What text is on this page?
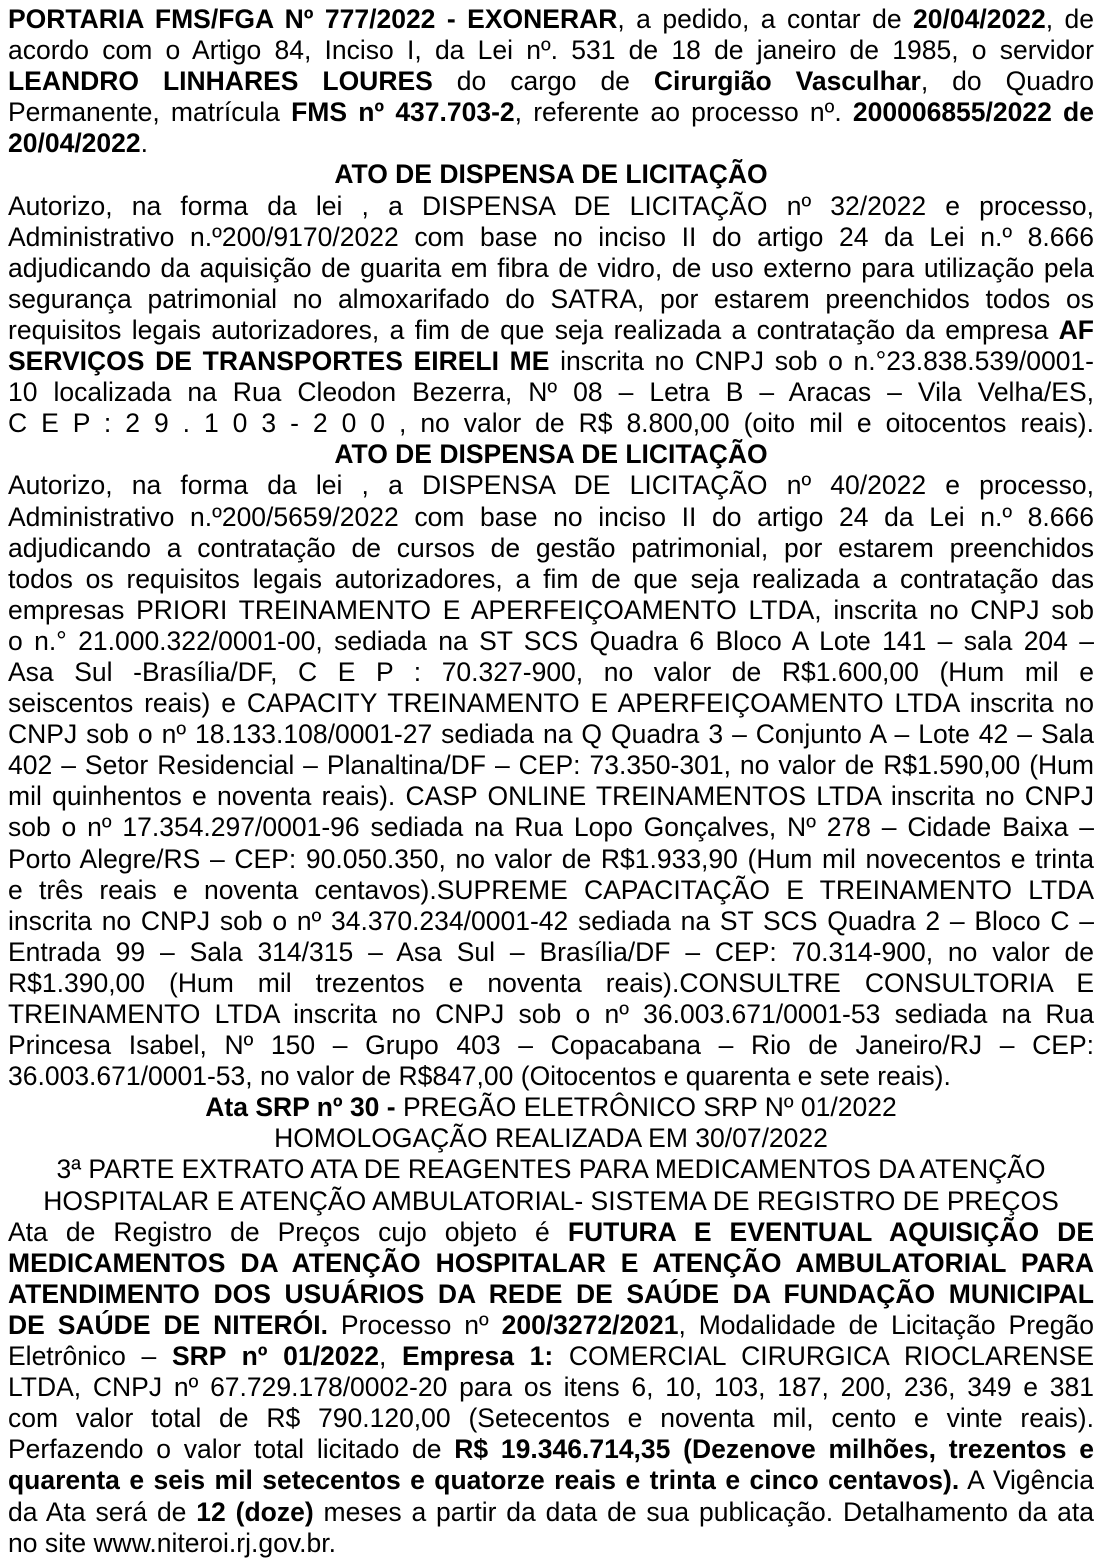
PORTARIA FMS/FGA Nº 777/2022 - EXONERAR, a pedido, a contar de 20/04/2022, de
acordo com o Artigo 84, Inciso I, da Lei nº. 531 de 18 de janeiro de 1985, o servidor
LEANDRO LINHARES LOURES do cargo de Cirurgião Vasculhar, do Quadro
Permanente, matrícula FMS nº 437.703-2, referente ao processo nº. 200006855/2022 de
20/04/2022.
ATO DE DISPENSA DE LICITAÇÃO
Autorizo, na forma da lei , a DISPENSA DE LICITAÇÃO nº 32/2022 e processo,
Administrativo n.º200/9170/2022 com base no inciso II do artigo 24 da Lei n.º 8.666
adjudicando da aquisição de guarita em fibra de vidro, de uso externo para utilização pela
segurança patrimonial no almoxarifado do SATRA, por estarem preenchidos todos os
requisitos legais autorizadores, a fim de que seja realizada a contratação da empresa AF
SERVIÇOS DE TRANSPORTES EIRELI ME inscrita no CNPJ sob o n.°23.838.539/0001-
10 localizada na Rua Cleodon Bezerra, Nº 08 – Letra B – Aracas – Vila Velha/ES,
C E P : 2 9 . 1 0 3 - 2 0 0 , no valor de R$ 8.800,00 (oito mil e oitocentos reais).
ATO DE DISPENSA DE LICITAÇÃO
Autorizo, na forma da lei , a DISPENSA DE LICITAÇÃO nº 40/2022 e processo,
Administrativo n.º200/5659/2022 com base no inciso II do artigo 24 da Lei n.º 8.666
adjudicando a contratação de cursos de gestão patrimonial, por estarem preenchidos
todos os requisitos legais autorizadores, a fim de que seja realizada a contratação das
empresas PRIORI TREINAMENTO E APERFEIÇOAMENTO LTDA, inscrita no CNPJ sob
o n.° 21.000.322/0001-00, sediada na ST SCS Quadra 6 Bloco A Lote 141 – sala 204 –
Asa Sul -Brasília/DF, C E P : 70.327-900, no valor de R$1.600,00 (Hum mil e
seiscentos reais) e CAPACITY TREINAMENTO E APERFEIÇOAMENTO LTDA inscrita no
CNPJ sob o nº 18.133.108/0001-27 sediada na Q Quadra 3 – Conjunto A – Lote 42 – Sala
402 – Setor Residencial – Planaltina/DF – CEP: 73.350-301, no valor de R$1.590,00 (Hum
mil quinhentos e noventa reais). CASP ONLINE TREINAMENTOS LTDA inscrita no CNPJ
sob o nº 17.354.297/0001-96 sediada na Rua Lopo Gonçalves, Nº 278 – Cidade Baixa –
Porto Alegre/RS – CEP: 90.050.350, no valor de R$1.933,90 (Hum mil novecentos e trinta
e três reais e noventa centavos).SUPREME CAPACITAÇÃO E TREINAMENTO LTDA
inscrita no CNPJ sob o nº 34.370.234/0001-42 sediada na ST SCS Quadra 2 – Bloco C –
Entrada 99 – Sala 314/315 – Asa Sul – Brasília/DF – CEP: 70.314-900, no valor de
R$1.390,00 (Hum mil trezentos e noventa reais).CONSULTRE CONSULTORIA E
TREINAMENTO LTDA inscrita no CNPJ sob o nº 36.003.671/0001-53 sediada na Rua
Princesa Isabel, Nº 150 – Grupo 403 – Copacabana – Rio de Janeiro/RJ – CEP:
36.003.671/0001-53, no valor de R$847,00 (Oitocentos e quarenta e sete reais).
Ata SRP nº 30 - PREGÃO ELETRÔNICO SRP Nº 01/2022
HOMOLOGAÇÃO REALIZADA EM 30/07/2022
3ª PARTE EXTRATO ATA DE REAGENTES PARA MEDICAMENTOS DA ATENÇÃO
HOSPITALAR E ATENÇÃO AMBULATORIAL- SISTEMA DE REGISTRO DE PREÇOS
Ata de Registro de Preços cujo objeto é FUTURA E EVENTUAL AQUISIÇÃO DE
MEDICAMENTOS DA ATENÇÃO HOSPITALAR E ATENÇÃO AMBULATORIAL PARA
ATENDIMENTO DOS USUÁRIOS DA REDE DE SAÚDE DA FUNDAÇÃO MUNICIPAL
DE SAÚDE DE NITERÓI. Processo nº 200/3272/2021, Modalidade de Licitação Pregão
Eletrônico – SRP nº 01/2022, Empresa 1: COMERCIAL CIRURGICA RIOCLARENSE
LTDA, CNPJ nº 67.729.178/0002-20 para os itens 6, 10, 103, 187, 200, 236, 349 e 381
com valor total de R$ 790.120,00 (Setecentos e noventa mil, cento e vinte reais).
Perfazendo o valor total licitado de R$ 19.346.714,35 (Dezenove milhões, trezentos e
quarenta e seis mil setecentos e quatorze reais e trinta e cinco centavos). A Vigência
da Ata será de 12 (doze) meses a partir da data de sua publicação. Detalhamento da ata
no site www.niteroi.rj.gov.br.
